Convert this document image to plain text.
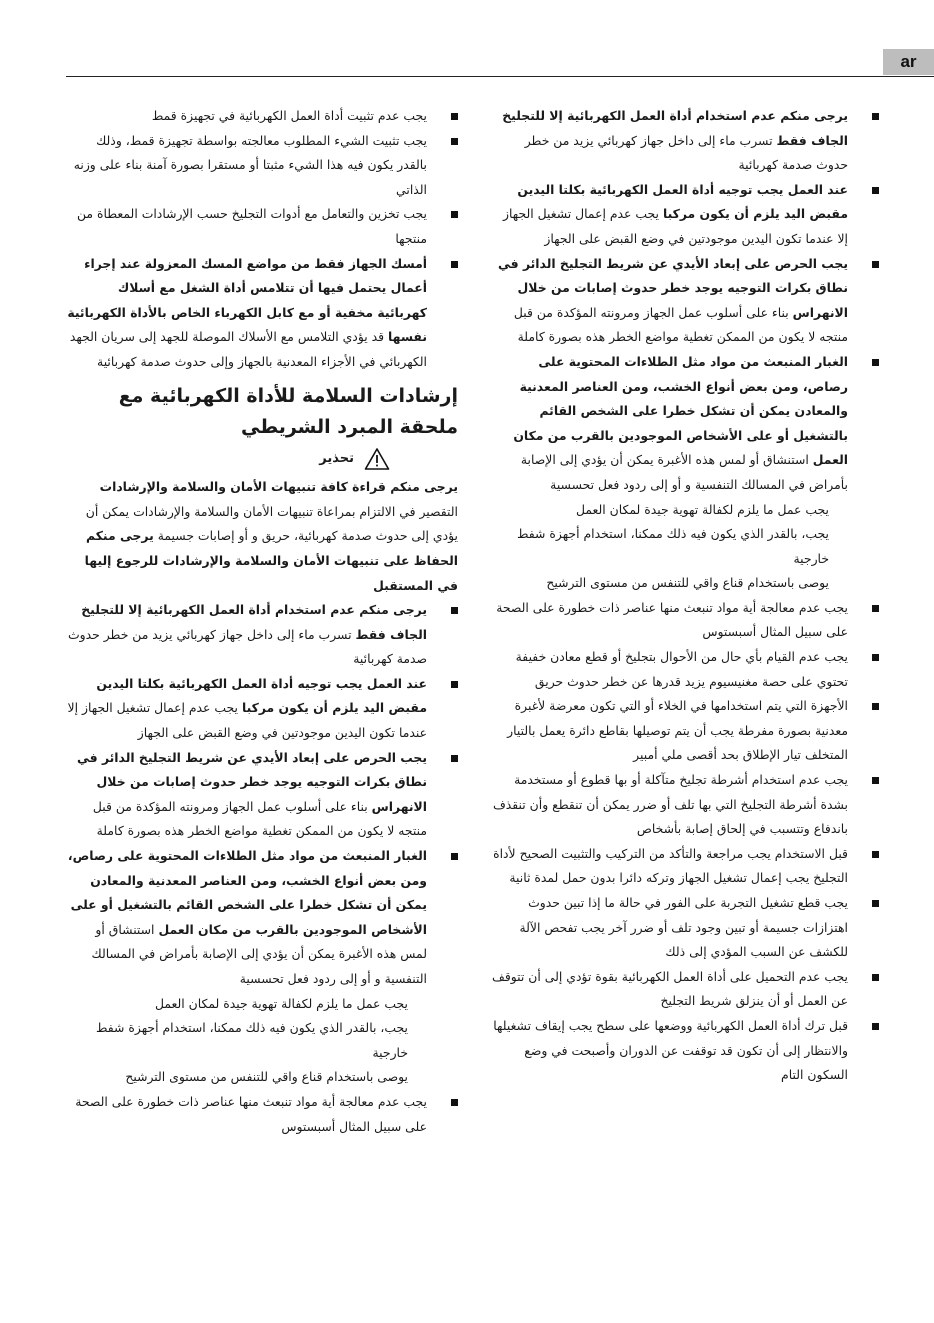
ar
يرجى منكم عدم استخدام أداة العمل الكهربائية إلا للتجليخ الجاف فقط تسرب ماء إلى داخل جهاز كهربائي يزيد من خطر حدوث صدمة كهربائية
عند العمل يجب توجيه أداة العمل الكهربائية بكلتا اليدين مقبض اليد يلزم أن يكون مركبا يجب عدم إعمال تشغيل الجهاز إلا عندما تكون اليدين موجودتين في وضع القبض على الجهاز
يجب الحرص على إبعاد الأيدي عن شريط التجليخ الدائر في نطاق بكرات التوجيه يوجد خطر حدوث إصابات من خلال الانهراس بناء على أسلوب عمل الجهاز ومرونته المؤكدة من قبل منتجه لا يكون من الممكن تغطية مواضع الخطر هذه بصورة كاملة
الغبار المنبعث من مواد مثل الطلاءات المحتوية على رصاص، ومن بعض أنواع الخشب، ومن العناصر المعدنية والمعادن يمكن أن تشكل خطرا على الشخص القائم بالتشغيل أو على الأشخاص الموجودين بالقرب من مكان العمل استنشاق أو لمس هذه الأغبرة يمكن أن يؤدي إلى الإصابة بأمراض في المسالك التنفسية و أو إلى ردود فعل تحسسية
يجب عمل ما يلزم لكفالة تهوية جيدة لمكان العمل
يجب، بالقدر الذي يكون فيه ذلك ممكنا، استخدام أجهزة شفط خارجية
يوصى باستخدام قناع واقي للتنفس من مستوى الترشيح
يجب عدم معالجة أية مواد تنبعث منها عناصر ذات خطورة على الصحة على سبيل المثال أسبستوس
يجب عدم القيام بأي حال من الأحوال بتجليخ أو قطع معادن خفيفة تحتوي على حصة مغنيسيوم يزيد قدرها عن خطر حدوث حريق
الأجهزة التي يتم استخدامها في الخلاء أو التي تكون معرضة لأغبرة معدنية بصورة مفرطة يجب أن يتم توصيلها بقاطع دائرة يعمل بالتيار المتخلف تيار الإطلاق بحد أقصى ملي أمبير
يجب عدم استخدام أشرطة تجليخ متآكلة أو بها قطوع أو مستخدمة بشدة أشرطة التجليخ التي بها تلف أو ضرر يمكن أن تنقطع وأن تنقذف باندفاع وتتسبب في إلحاق إصابة بأشخاص
قبل الاستخدام يجب مراجعة والتأكد من التركيب والتثبيت الصحيح لأداة التجليخ يجب إعمال تشغيل الجهاز وتركه دائرا بدون حمل لمدة ثانية
يجب قطع تشغيل التجربة على الفور في حالة ما إذا تبين حدوث اهتزازات جسيمة أو تبين وجود تلف أو ضرر آخر يجب تفحص الآلة للكشف عن السبب المؤدي إلى ذلك
يجب عدم التحميل على أداة العمل الكهربائية بقوة تؤدي إلى أن تتوقف عن العمل أو أن ينزلق شريط التجليخ
قبل ترك أداة العمل الكهربائية ووضعها على سطح يجب إيقاف تشغيلها والانتظار إلى أن تكون قد توقفت عن الدوران وأصبحت في وضع السكون التام
يجب عدم تثبيت أداة العمل الكهربائية في تجهيزة قمط
يجب تثبيت الشيء المطلوب معالجته بواسطة تجهيزة قمط، وذلك بالقدر يكون فيه هذا الشيء مثبتا أو مستقرا بصورة آمنة بناء على وزنه الذاتي
يجب تخزين والتعامل مع أدوات التجليخ حسب الإرشادات المعطاة من منتجها
أمسك الجهاز فقط من مواضع المسك المعزولة عند إجراء أعمال يحتمل فيها أن تتلامس أداة الشغل مع أسلاك كهربائية مخفية أو مع كابل الكهرباء الخاص بالأداة الكهربائية نفسها قد يؤدي التلامس مع الأسلاك الموصلة للجهد إلى سريان الجهد الكهربائي في الأجزاء المعدنية بالجهاز وإلى حدوث صدمة كهربائية
إرشادات السلامة للأداة الكهربائية مع ملحقة المبرد الشريطي
تحذير

يرجى منكم قراءة كافة تنبيهات الأمان والسلامة والإرشادات التقصير في الالتزام بمراعاة تنبيهات الأمان والسلامة والإرشادات يمكن أن يؤدي إلى حدوث صدمة كهربائية، حريق و أو إصابات جسيمة يرجى منكم الحفاظ على تنبيهات الأمان والسلامة والإرشادات للرجوع إليها في المستقبل

يرجى منكم عدم استخدام أداة العمل الكهربائية إلا للتجليخ الجاف فقط تسرب ماء إلى داخل جهاز كهربائي يزيد من خطر حدوث صدمة كهربائية
عند العمل يجب توجيه أداة العمل الكهربائية بكلتا اليدين مقبض اليد يلزم أن يكون مركبا يجب عدم إعمال تشغيل الجهاز إلا عندما تكون اليدين موجودتين في وضع القبض على الجهاز
يجب الحرص على إبعاد الأيدي عن شريط التجليخ الدائر في نطاق بكرات التوجيه يوجد خطر حدوث إصابات من خلال الانهراس بناء على أسلوب عمل الجهاز ومرونته المؤكدة من قبل منتجه لا يكون من الممكن تغطية مواضع الخطر هذه بصورة كاملة
الغبار المنبعث من مواد مثل الطلاءات المحتوية على رصاص، ومن بعض أنواع الخشب، ومن العناصر المعدنية والمعادن يمكن أن تشكل خطرا على الشخص القائم بالتشغيل أو على الأشخاص الموجودين بالقرب من مكان العمل استنشاق أو لمس هذه الأغبرة يمكن أن يؤدي إلى الإصابة بأمراض في المسالك التنفسية و أو إلى ردود فعل تحسسية
يجب عمل ما يلزم لكفالة تهوية جيدة لمكان العمل
يجب، بالقدر الذي يكون فيه ذلك ممكنا، استخدام أجهزة شفط خارجية
يوصى باستخدام قناع واقي للتنفس من مستوى الترشيح
يجب عدم معالجة أية مواد تنبعث منها عناصر ذات خطورة على الصحة على سبيل المثال أسبستوس
